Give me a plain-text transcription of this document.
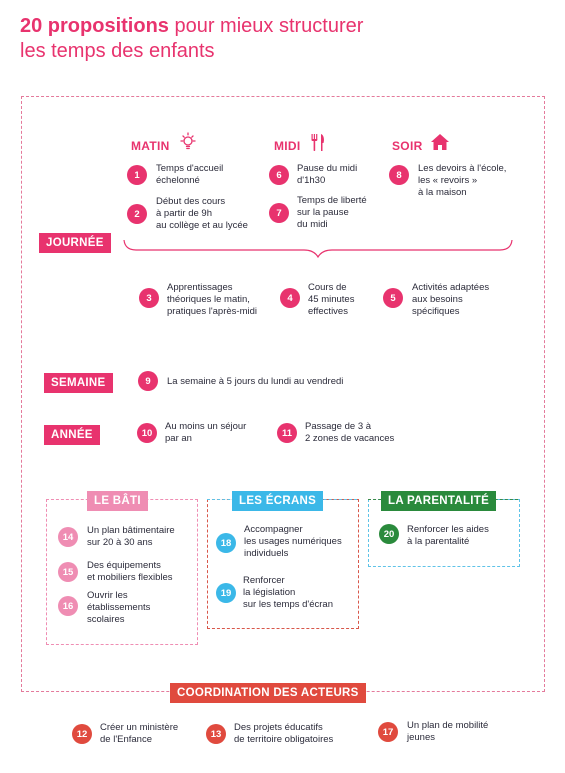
20 propositions pour mieux structurer
les temps des enfants
JOURNÉE
MATIN	MIDI	SOIR
1
Temps d'accueil
échelonné
2
Début des cours
à partir de 9h
au collège et au lycée
6
Pause du midi
d'1h30
7
Temps de liberté
sur la pause
du midi
8
Les devoirs à l'école,
les « revoirs »
à la maison
3
Apprentissages
théoriques le matin,
pratiques l'après-midi
4
Cours de
45 minutes
effectives
5
Activités adaptées
aux besoins
spécifiques
SEMAINE	9	La semaine à 5 jours du lundi au vendredi
ANNÉE	10
Au moins un séjour
par an	11
Passage de 3 à
2 zones de vacances
LE BÂTI
14
Un plan bâtimentaire
sur 20 à 30 ans
15
Des équipements
et mobiliers flexibles
16
Ouvrir les
établissements
scolaires
LES ÉCRANS
18
Accompagner
les usages numériques
individuels
19
Renforcer
la législation
sur les temps d'écran
LA PARENTALITÉ
20	Renforcer les aides
à la parentalité
COORDINATION DES ACTEURS
12
Créer un ministère
de l'Enfance	13
Des projets éducatifs
de territoire obligatoires
17
Un plan de mobilité
jeunes
